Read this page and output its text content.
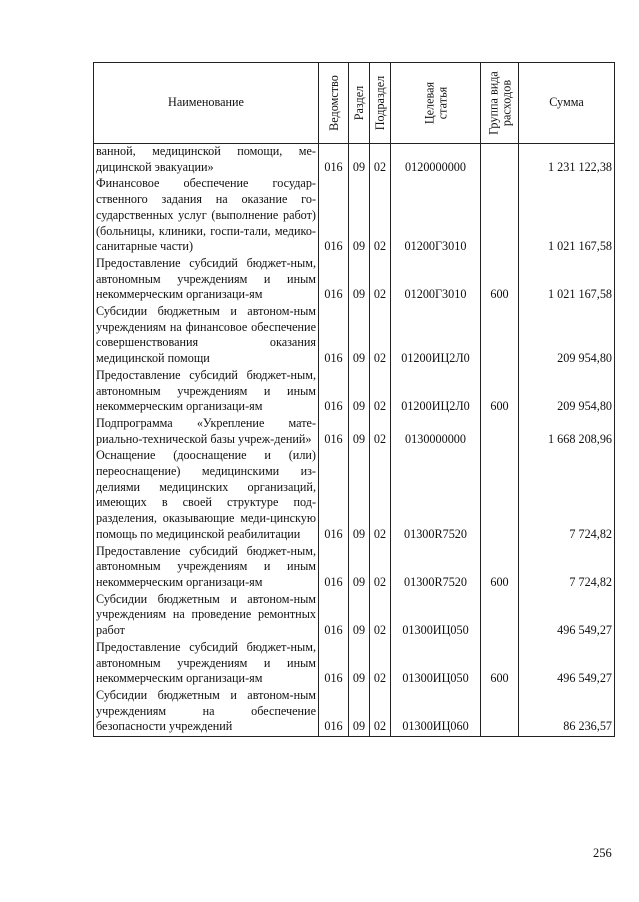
Наименование	Ведомство	Раздел	Подраздел	Целевая статья	Группа вида расходов	Сумма
ванной, медицинской помощи, ме-дицинской эвакуации»	016	09	02	0120000000		1 231 122,38
Финансовое обеспечение государ-ственного задания на оказание го-сударственных услуг (выполнение работ) (больницы, клиники, госпи-тали, медико-санитарные части)	016	09	02	01200Г3010		1 021 167,58
Предоставление субсидий бюджет-ным, автономным учреждениям и иным некоммерческим организаци-ям	016	09	02	01200Г3010	600	1 021 167,58
Субсидии бюджетным и автоном-ным учреждениям на финансовое обеспечение совершенствования оказания медицинской помощи	016	09	02	01200ИЦ2Л0		209 954,80
Предоставление субсидий бюджет-ным, автономным учреждениям и иным некоммерческим организаци-ям	016	09	02	01200ИЦ2Л0	600	209 954,80
Подпрограмма «Укрепление мате-риально-технической базы учреж-дений»	016	09	02	0130000000		1 668 208,96
Оснащение (дооснащение и (или) переоснащение) медицинскими из-делиями медицинских организаций, имеющих в своей структуре под-разделения, оказывающие меди-цинскую помощь по медицинской реабилитации	016	09	02	01300R7520		7 724,82
Предоставление субсидий бюджет-ным, автономным учреждениям и иным некоммерческим организаци-ям	016	09	02	01300R7520	600	7 724,82
Субсидии бюджетным и автоном-ным учреждениям на проведение ремонтных работ	016	09	02	01300ИЦ050		496 549,27
Предоставление субсидий бюджет-ным, автономным учреждениям и иным некоммерческим организаци-ям	016	09	02	01300ИЦ050	600	496 549,27
Субсидии бюджетным и автоном-ным учреждениям на обеспечение безопасности учреждений	016	09	02	01300ИЦ060		86 236,57
256
